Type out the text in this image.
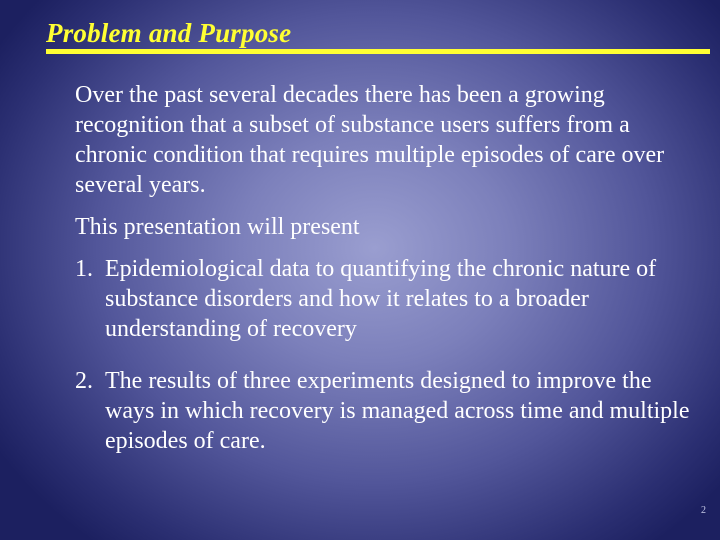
Problem and Purpose

Over the past several decades there has been a growing recognition that a subset of substance users suffers from a chronic condition that requires multiple episodes of care over several years.

This presentation will present

1. Epidemiological data to quantifying the chronic nature of substance disorders and how it relates to a broader understanding of recovery
2. The results of three experiments designed to improve the ways in which recovery is managed across time and multiple episodes of care.
2
